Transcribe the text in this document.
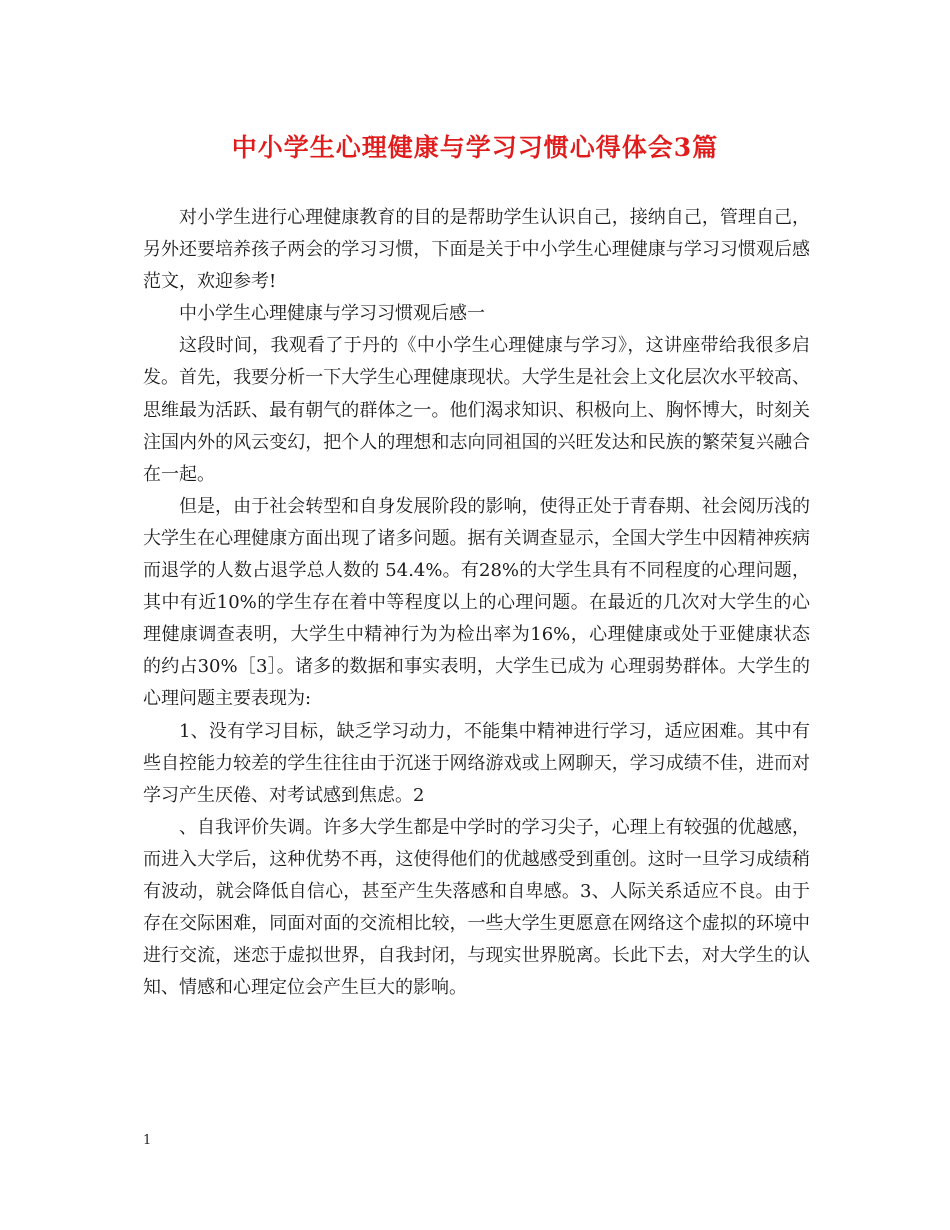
中小学生心理健康与学习习惯心得体会3篇

对小学生进行心理健康教育的目的是帮助学生认识自己，接纳自己，管理自己，另外还要培养孩子两会的学习习惯，下面是关于中小学生心理健康与学习习惯观后感范文，欢迎参考!

中小学生心理健康与学习习惯观后感一

这段时间，我观看了于丹的《中小学生心理健康与学习》，这讲座带给我很多启发。首先，我要分析一下大学生心理健康现状。大学生是社会上文化层次水平较高、思维最为活跃、最有朝气的群体之一。他们渴求知识、积极向上、胸怀博大，时刻关注国内外的风云变幻，把个人的理想和志向同祖国的兴旺发达和民族的繁荣复兴融合在一起。

但是，由于社会转型和自身发展阶段的影响，使得正处于青春期、社会阅历浅的大学生在心理健康方面出现了诸多问题。据有关调查显示，全国大学生中因精神疾病而退学的人数占退学总人数的 54.4%。有28%的大学生具有不同程度的心理问题，其中有近10%的学生存在着中等程度以上的心理问题。在最近的几次对大学生的心理健康调查表明，大学生中精神行为为检出率为16%，心理健康或处于亚健康状态的约占30%［3］。诸多的数据和事实表明，大学生已成为 心理弱势群体。大学生的心理问题主要表现为:

1、没有学习目标，缺乏学习动力，不能集中精神进行学习，适应困难。其中有些自控能力较差的学生往往由于沉迷于网络游戏或上网聊天，学习成绩不佳，进而对学习产生厌倦、对考试感到焦虑。2

、自我评价失调。许多大学生都是中学时的学习尖子，心理上有较强的优越感，而进入大学后，这种优势不再，这使得他们的优越感受到重创。这时一旦学习成绩稍有波动，就会降低自信心，甚至产生失落感和自卑感。3、人际关系适应不良。由于存在交际困难，同面对面的交流相比较，一些大学生更愿意在网络这个虚拟的环境中进行交流，迷恋于虚拟世界，自我封闭，与现实世界脱离。长此下去，对大学生的认知、情感和心理定位会产生巨大的影响。

1
